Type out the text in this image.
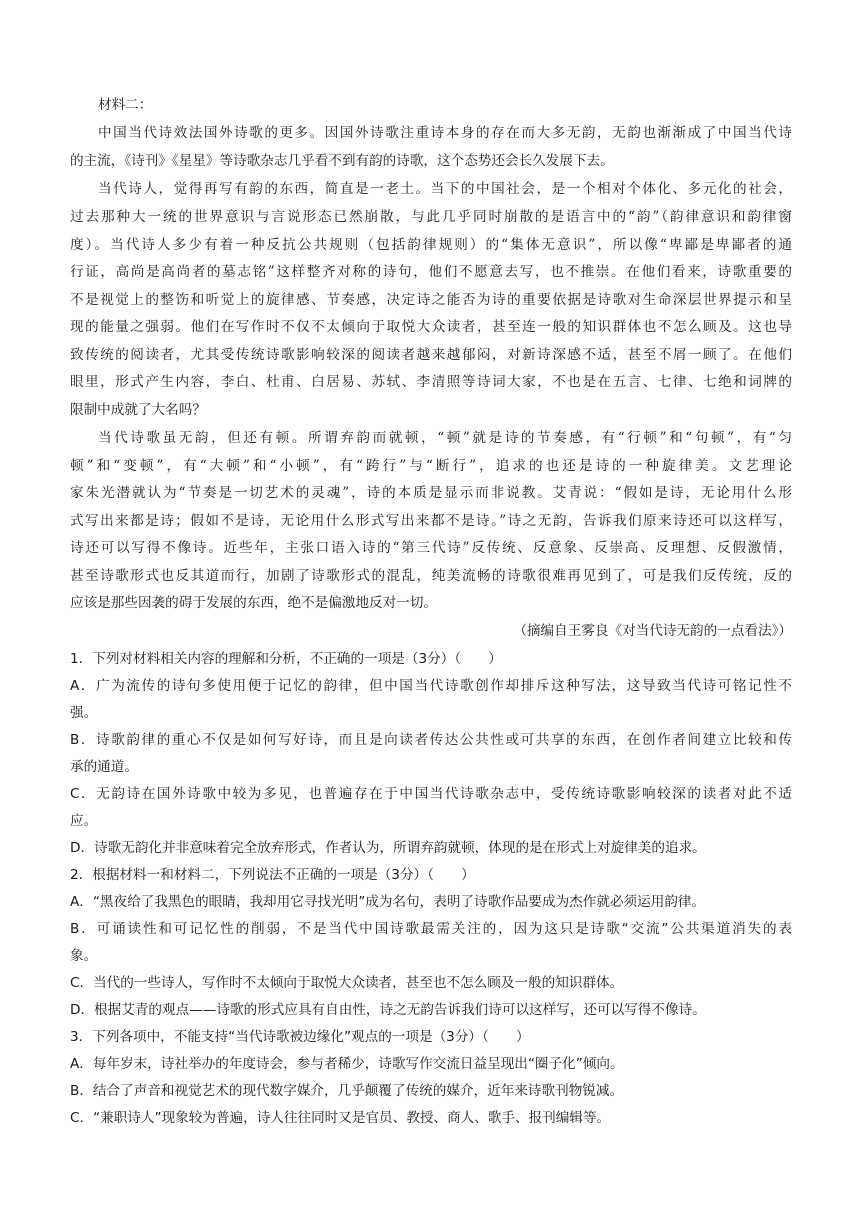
材料二：
中国当代诗效法国外诗歌的更多。因国外诗歌注重诗本身的存在而大多无韵，无韵也渐渐成了中国当代诗
的主流，《诗刊》《星星》等诗歌杂志几乎看不到有韵的诗歌，这个态势还会长久发展下去。
当代诗人，觉得再写有韵的东西，简直是一老土。当下的中国社会，是一个相对个体化、多元化的社会，
过去那种大一统的世界意识与言说形态已然崩散，与此几乎同时崩散的是语言中的“韵”（韵律意识和韵律窗
度）。当代诗人多少有着一种反抗公共规则（包括韵律规则）的“集体无意识”，所以像“卑鄙是卑鄙者的通
行证，高尚是高尚者的墓志铭”这样整齐对称的诗句，他们不愿意去写，也不推崇。在他们看来，诗歌重要的
不是视觉上的整饬和听觉上的旋律感、节奏感，决定诗之能否为诗的重要依据是诗歌对生命深层世界提示和呈
现的能量之强弱。他们在写作时不仅不太倾向于取悦大众读者，甚至连一般的知识群体也不怎么顾及。这也导
致传统的阅读者，尤其受传统诗歌影响较深的阅读者越来越郁闷，对新诗深感不适，甚至不屑一顾了。在他们
眼里，形式产生内容，李白、杜甫、白居易、苏轼、李清照等诗词大家，不也是在五言、七律、七绝和词牌的
限制中成就了大名吗？
当代诗歌虽无韵，但还有顿。所谓弃韵而就顿，“顿”就是诗的节奏感，有“行顿”和“句顿”，有“匀
顿”和“变顿”，有“大顿”和“小顿”，有“跨行”与“断行”，追求的也还是诗的一种旋律美。文艺理论
家朱光潜就认为“节奏是一切艺术的灵魂”，诗的本质是显示而非说教。艾青说：“假如是诗，无论用什么形
式写出来都是诗；假如不是诗，无论用什么形式写出来都不是诗。”诗之无韵，告诉我们原来诗还可以这样写，
诗还可以写得不像诗。近些年，主张口语入诗的“第三代诗”反传统、反意象、反崇高、反理想、反假激情，
甚至诗歌形式也反其道而行，加剧了诗歌形式的混乱，纯美流畅的诗歌很难再见到了，可是我们反传统，反的
应该是那些因袭的碍于发展的东西，绝不是偏激地反对一切。
（摘编自王雾良《对当代诗无韵的一点看法》）
1．下列对材料相关内容的理解和分析，不正确的一项是（3分）（　　）
A．广为流传的诗句多使用便于记忆的韵律，但中国当代诗歌创作却排斥这种写法，这导致当代诗可铭记性不
强。
B．诗歌韵律的重心不仅是如何写好诗，而且是向读者传达公共性或可共享的东西，在创作者间建立比较和传
承的通道。
C．无韵诗在国外诗歌中较为多见，也普遍存在于中国当代诗歌杂志中，受传统诗歌影响较深的读者对此不适
应。
D．诗歌无韵化并非意味着完全放弃形式，作者认为，所谓弃韵就顿，体现的是在形式上对旋律美的追求。
2．根据材料一和材料二，下列说法不正确的一项是（3分）（　　）
A．“黑夜给了我黑色的眼睛，我却用它寻找光明”成为名句，表明了诗歌作品要成为杰作就必须运用韵律。
B．可诵读性和可记忆性的削弱，不是当代中国诗歌最需关注的，因为这只是诗歌“交流”公共渠道消失的表
象。
C．当代的一些诗人，写作时不太倾向于取悦大众读者，甚至也不怎么顾及一般的知识群体。
D．根据艾青的观点——诗歌的形式应具有自由性，诗之无韵告诉我们诗可以这样写，还可以写得不像诗。
3．下列各项中，不能支持“当代诗歌被边缘化”观点的一项是（3分）（　　）
A．每年岁末，诗社举办的年度诗会，参与者稀少，诗歌写作交流日益呈现出“圈子化”倾向。
B．结合了声音和视觉艺术的现代数字媒介，几乎颠覆了传统的媒介，近年来诗歌刊物锐减。
C．“兼职诗人”现象较为普遍，诗人往往同时又是官员、教授、商人、歌手、报刊编辑等。
